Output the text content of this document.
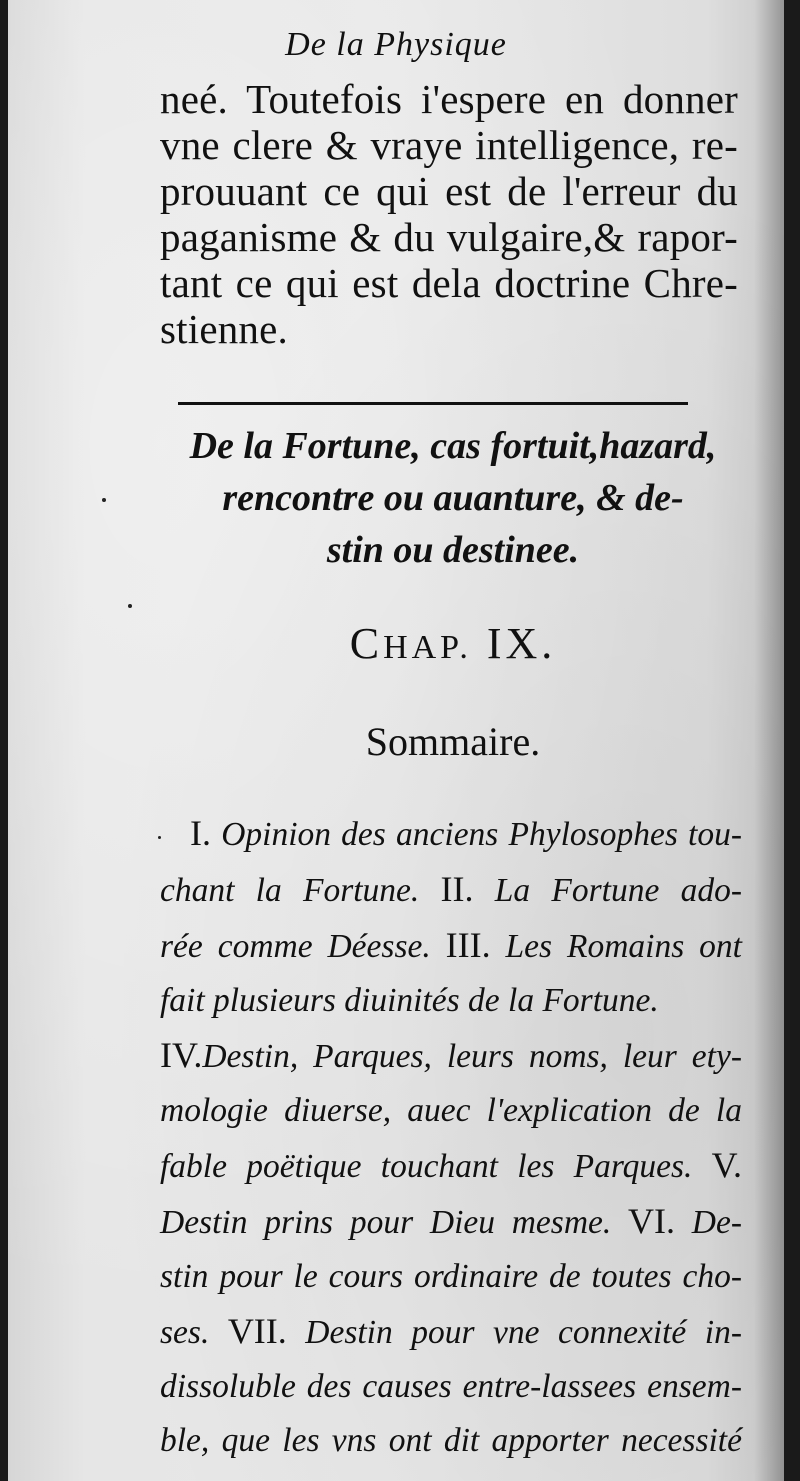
De la Physique
neé. Toutefois i'espere en donner
vne clere & vraye intelligence, re-
prouuant ce qui est de l'erreur du
paganisme & du vulgaire,& rapor-
tant ce qui est dela doctrine Chre-
stienne.
De la Fortune, cas fortuit,hazard,
rencontre ou auanture, & de-
stin ou destinee.
CHAP. IX.
Sommaire.
I. Opinion des anciens Phylosophes tou-
chant la Fortune. II. La Fortune ado-
rée comme Déesse. III. Les Romains ont
fait plusieurs diuinités de la Fortune.
IV.Destin, Parques, leurs noms, leur ety-
mologie diuerse, auec l'explication de la
fable poëtique touchant les Parques. V.
Destin prins pour Dieu mesme. VI. De-
stin pour le cours ordinaire de toutes cho-
ses. VII. Destin pour vne connexité in-
dissoluble des causes entre-lassees ensem-
ble, que les vns ont dit apporter necessité
